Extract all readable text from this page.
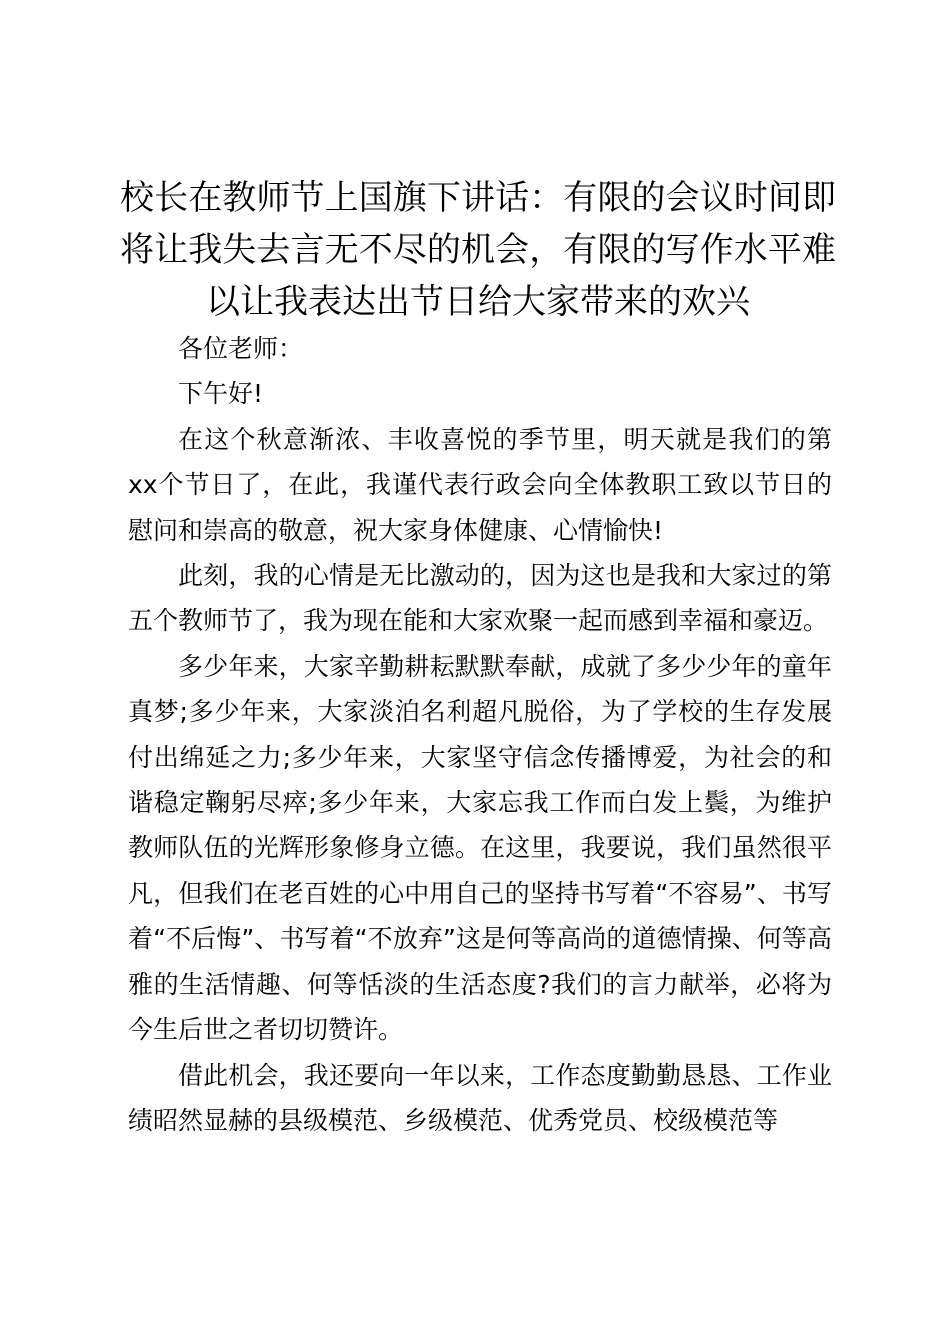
校长在教师节上国旗下讲话：有限的会议时间即将让我失去言无不尽的机会，有限的写作水平难以让我表达出节日给大家带来的欢兴

各位老师：

下午好!

在这个秋意渐浓、丰收喜悦的季节里，明天就是我们的第xx个节日了，在此，我谨代表行政会向全体教职工致以节日的慰问和崇高的敬意，祝大家身体健康、心情愉快!

此刻，我的心情是无比激动的，因为这也是我和大家过的第五个教师节了，我为现在能和大家欢聚一起而感到幸福和豪迈。

多少年来，大家辛勤耕耘默默奉献，成就了多少少年的童年真梦;多少年来，大家淡泊名利超凡脱俗，为了学校的生存发展付出绵延之力;多少年来，大家坚守信念传播博爱，为社会的和谐稳定鞠躬尽瘁;多少年来，大家忘我工作而白发上鬓，为维护教师队伍的光辉形象修身立德。在这里，我要说，我们虽然很平凡，但我们在老百姓的心中用自己的坚持书写着“不容易”、书写着“不后悔”、书写着“不放弃”这是何等高尚的道德情操、何等高雅的生活情趣、何等恬淡的生活态度?我们的言力献举，必将为今生后世之者切切赞许。

借此机会，我还要向一年以来，工作态度勤勤恳恳、工作业绩昭然显赫的县级模范、乡级模范、优秀党员、校级模范等
